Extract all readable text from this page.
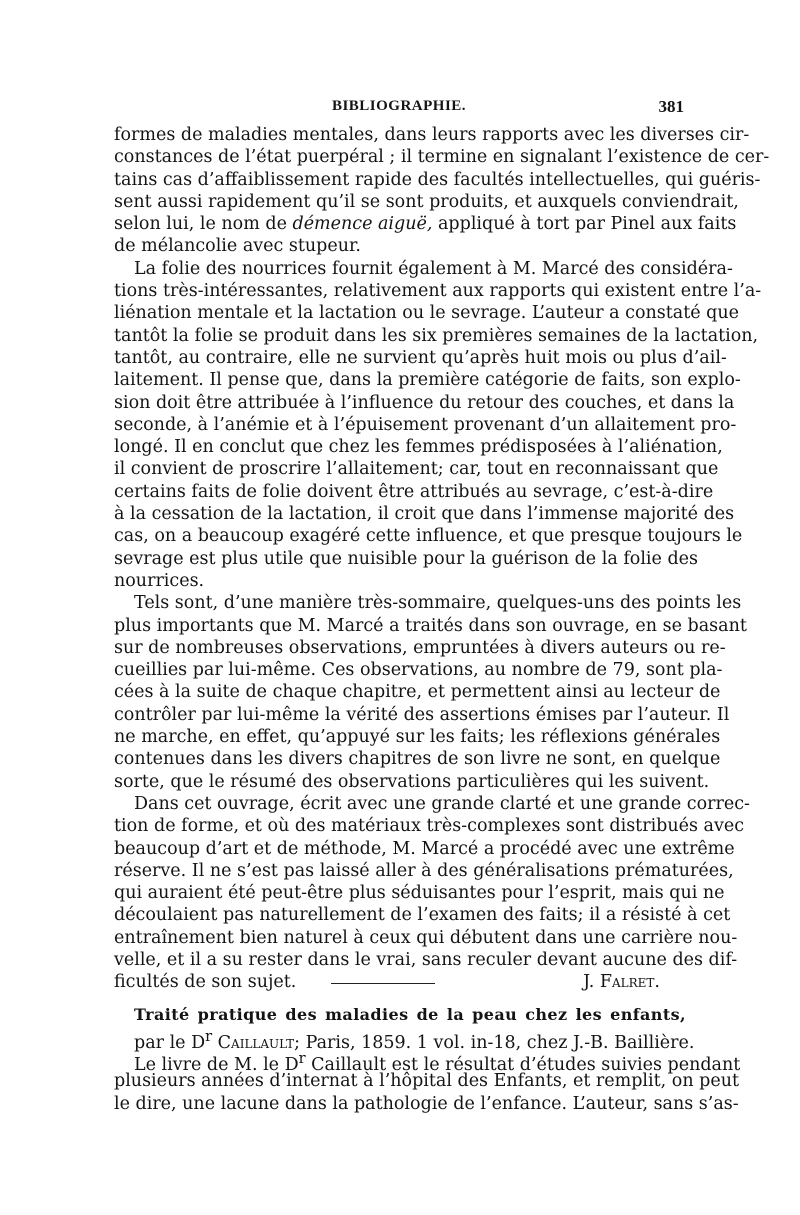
BIBLIOGRAPHIE.	381
formes de maladies mentales, dans leurs rapports avec les diverses cir-
constances de l’état puerpéral ; il termine en signalant l’existence de cer-
tains cas d’affaiblissement rapide des facultés intellectuelles, qui guéris-
sent aussi rapidement qu’il se sont produits, et auxquels conviendrait,
selon lui, le nom de démence aiguë, appliqué à tort par Pinel aux faits
de mélancolie avec stupeur.
La folie des nourrices fournit également à M. Marcé des considéra-
tions très-intéressantes, relativement aux rapports qui existent entre l’a-
liénation mentale et la lactation ou le sevrage. L’auteur a constaté que
tantôt la folie se produit dans les six premières semaines de la lactation,
tantôt, au contraire, elle ne survient qu’après huit mois ou plus d’ail-
laitement. Il pense que, dans la première catégorie de faits, son explo-
sion doit être attribuée à l’influence du retour des couches, et dans la
seconde, à l’anémie et à l’épuisement provenant d’un allaitement pro-
longé. Il en conclut que chez les femmes prédisposées à l’aliénation,
il convient de proscrire l’allaitement; car, tout en reconnaissant que
certains faits de folie doivent être attribués au sevrage, c’est-à-dire
à la cessation de la lactation, il croit que dans l’immense majorité des
cas, on a beaucoup exagéré cette influence, et que presque toujours le
sevrage est plus utile que nuisible pour la guérison de la folie des
nourrices.
Tels sont, d’une manière très-sommaire, quelques-uns des points les
plus importants que M. Marcé a traités dans son ouvrage, en se basant
sur de nombreuses observations, empruntées à divers auteurs ou re-
cueillies par lui-même. Ces observations, au nombre de 79, sont pla-
cées à la suite de chaque chapitre, et permettent ainsi au lecteur de
contrôler par lui-même la vérité des assertions émises par l’auteur. Il
ne marche, en effet, qu’appuyé sur les faits; les réflexions générales
contenues dans les divers chapitres de son livre ne sont, en quelque
sorte, que le résumé des observations particulières qui les suivent.
Dans cet ouvrage, écrit avec une grande clarté et une grande correc-
tion de forme, et où des matériaux très-complexes sont distribués avec
beaucoup d’art et de méthode, M. Marcé a procédé avec une extrême
réserve. Il ne s’est pas laissé aller à des généralisations prématurées,
qui auraient été peut-être plus séduisantes pour l’esprit, mais qui ne
découlaient pas naturellement de l’examen des faits; il a résisté à cet
entraînement bien naturel à ceux qui débutent dans une carrière nou-
velle, et il a su rester dans le vrai, sans reculer devant aucune des dif-
ficultés de son sujet.	J. Falret.
Traité pratique des maladies de la peau chez les enfants,
par le $D^r$ Caillault; Paris, 1859. 1 vol. in-18, chez J.-B. Baillière.
Le livre de M. le $D^r$ Caillault est le résultat d’études suivies pendant
plusieurs années d’internat à l’hôpital des Enfants, et remplit, on peut
le dire, une lacune dans la pathologie de l’enfance. L’auteur, sans s’as-
